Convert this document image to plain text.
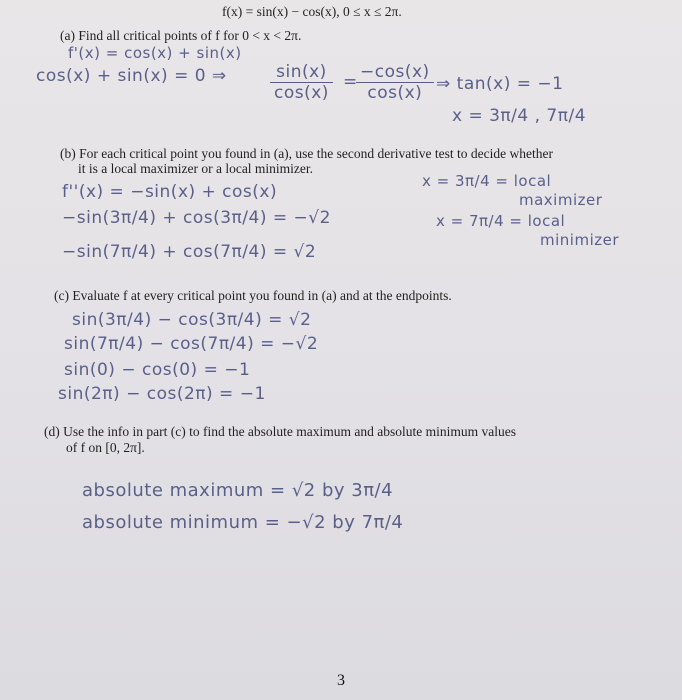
f(x) = sin(x) − cos(x), 0 ≤ x ≤ 2π.
(a) Find all critical points of f for 0 < x < 2π.
f'(x) = cos(x) + sin(x)
cos(x) + sin(x) = 0 ⇒	$\frac{\sin(x)}{\cos(x)}$ =
$\frac{-\cos(x)}{\cos(x)}$ ⇒ tan(x) = −1
x = 3π/4 , 7π/4
(b) For each critical point you found in (a), use the second derivative test to decide whether
it is a local maximizer or a local minimizer.
f''(x) = −sin(x) + cos(x)
−sin(3π/4) + cos(3π/4) = −√2
−sin(7π/4) + cos(7π/4) = √2
x = 3π/4 = local
maximizer
x = 7π/4 = local
minimizer
(c) Evaluate f at every critical point you found in (a) and at the endpoints.
sin(3π/4) − cos(3π/4) = √2
sin(7π/4) − cos(7π/4) = −√2
sin(0) − cos(0) = −1
sin(2π) − cos(2π) = −1
(d) Use the info in part (c) to find the absolute maximum and absolute minimum values
of f on [0, 2π].
absolute maximum = √2 by 3π/4
absolute minimum = −√2 by 7π/4
3
